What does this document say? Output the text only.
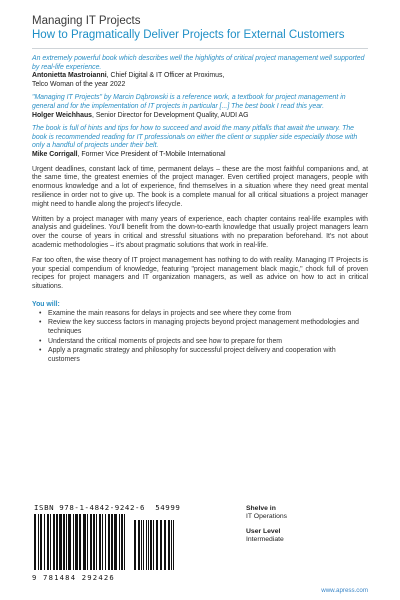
Managing IT Projects
How to Pragmatically Deliver Projects for External Customers
An extremely powerful book which describes well the highlights of critical project management well supported by real-life experience.
Antonietta Mastroianni, Chief Digital & IT Officer at Proximus,
Telco Woman of the year 2022
"Managing IT Projects" by Marcin Dąbrowski is a reference work, a textbook for project management in general and for the implementation of IT projects in particular [...] The best book I read this year.
Holger Weichhaus, Senior Director for Development Quality, AUDI AG
The book is full of hints and tips for how to succeed and avoid the many pitfalls that await the unwary. The book is recommended reading for IT professionals on either the client or supplier side especially those with only a handful of projects under their belt.
Mike Corrigall, Former Vice President of T-Mobile International

Urgent deadlines, constant lack of time, permanent delays – these are the most faithful companions and, at the same time, the greatest enemies of the project manager. Even certified project managers, people with enormous knowledge and a lot of experience, find themselves in a situation where they need great mental resilience in order not to give up. The book is a complete manual for all critical situations a project manager might need to handle along the project's lifecycle.

Written by a project manager with many years of experience, each chapter contains real-life examples with analysis and guidelines. You'll benefit from the down-to-earth knowledge that usually project managers learn over the course of years in critical and stressful situations with no preparation beforehand. It's not about academic methodologies – it's about pragmatic solutions that work in real-life.

Far too often, the wise theory of IT project management has nothing to do with reality. Managing IT Projects is your special compendium of knowledge, featuring "project management black magic," chock full of proven recipes for project managers and IT organization managers, as well as advice on how to act in critical situations.

You will:
• Examine the main reasons for delays in projects and see where they come from
• Review the key success factors in managing projects beyond project management methodologies and techniques
• Understand the critical moments of projects and see how to prepare for them
• Apply a pragmatic strategy and philosophy for successful project delivery and cooperation with customers
ISBN 978-1-4842-9242-6 54999
9 781484 292426
Shelve in
IT Operations
User Level
Intermediate
www.apress.com
